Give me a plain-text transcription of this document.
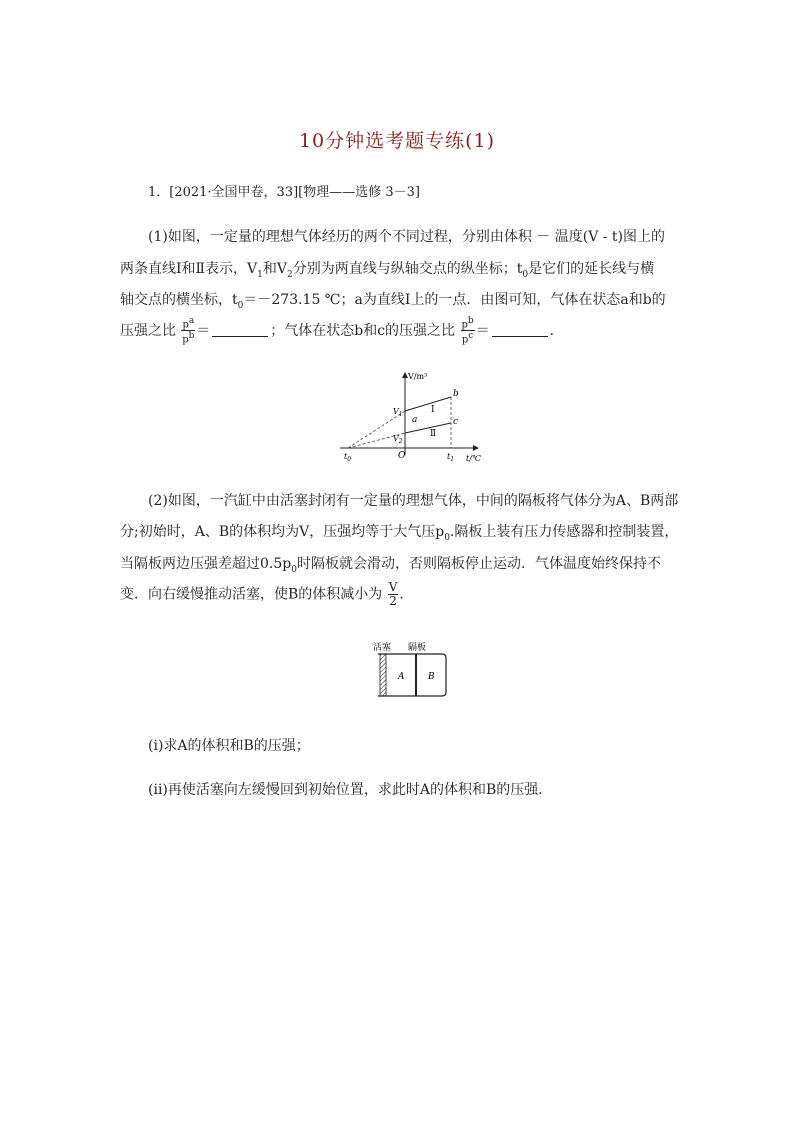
10分钟选考题专练(1)
1．[2021·全国甲卷，33][物理——选修 3－3]
(1)如图，一定量的理想气体经历的两个不同过程，分别由体积 － 温度(V - t)图上的
两条直线Ⅰ和Ⅱ表示，$V_1$和$V_2$分别为两直线与纵轴交点的纵坐标；$t_0$是它们的延长线与横
轴交点的横坐标，$t_0=-273.15$ ℃；a为直线Ⅰ上的一点．由图可知，气体在状态a和b的
压强之比 $\frac{p^a}{p^b}$ ＝	；气体在状态b和c的压强之比 $\frac{p^b}{p^c}$ ＝	．
V/m³
t/℃
O
$t_0$	$t_1$
$V_1$
$V_2$
a
b
c
Ⅰ
Ⅱ
(2)如图，一汽缸中由活塞封闭有一定量的理想气体，中间的隔板将气体分为A、B两部
分;初始时，A、B的体积均为V，压强均等于大气压$p_0$.隔板上装有压力传感器和控制装置，
当隔板两边压强差超过$0.5p_0$时隔板就会滑动，否则隔板停止运动．气体温度始终保持不
变．向右缓慢推动活塞，使B的体积减小为 $\frac{V}{2}$ .
活塞 隔板
A	B
(ⅰ)求A的体积和B的压强；
(ⅱ)再使活塞向左缓慢回到初始位置，求此时A的体积和B的压强．
